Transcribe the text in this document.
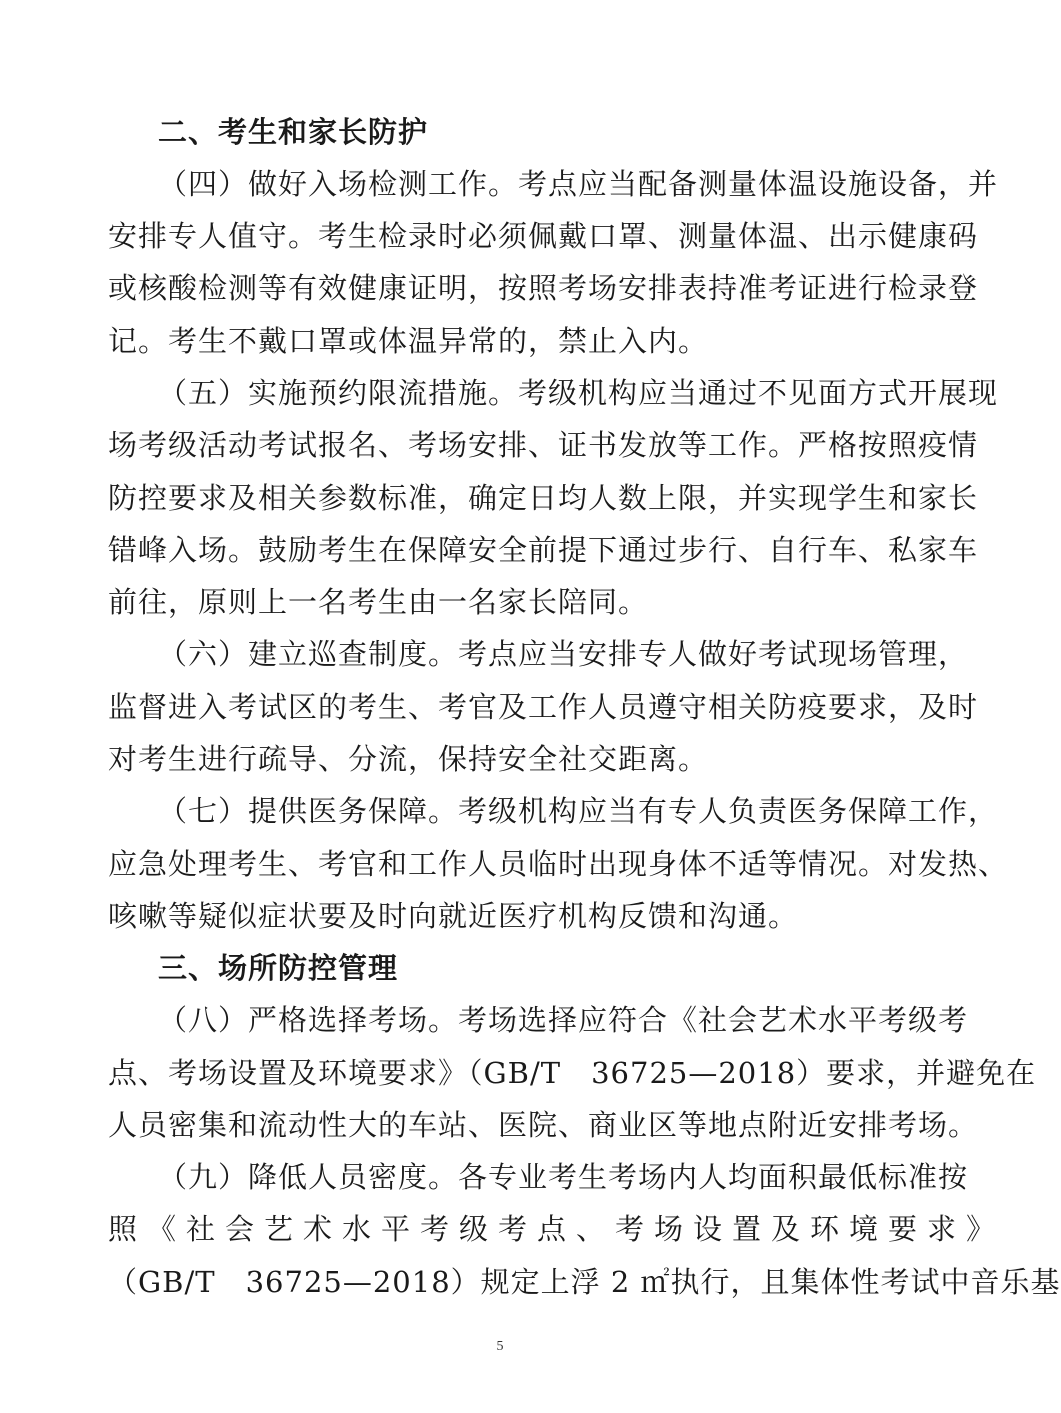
二、考生和家长防护
（四）做好入场检测工作。考点应当配备测量体温设施设备，并
安排专人值守。考生检录时必须佩戴口罩、测量体温、出示健康码
或核酸检测等有效健康证明，按照考场安排表持准考证进行检录登
记。考生不戴口罩或体温异常的，禁止入内。
（五）实施预约限流措施。考级机构应当通过不见面方式开展现
场考级活动考试报名、考场安排、证书发放等工作。严格按照疫情
防控要求及相关参数标准，确定日均人数上限，并实现学生和家长
错峰入场。鼓励考生在保障安全前提下通过步行、自行车、私家车
前往，原则上一名考生由一名家长陪同。
（六）建立巡查制度。考点应当安排专人做好考试现场管理，
监督进入考试区的考生、考官及工作人员遵守相关防疫要求，及时
对考生进行疏导、分流，保持安全社交距离。
（七）提供医务保障。考级机构应当有专人负责医务保障工作，
应急处理考生、考官和工作人员临时出现身体不适等情况。对发热、
咳嗽等疑似症状要及时向就近医疗机构反馈和沟通。
三、场所防控管理
（八）严格选择考场。考场选择应符合《社会艺术水平考级考
点、考场设置及环境要求》（GB/T　36725—2018）要求，并避免在
人员密集和流动性大的车站、医院、商业区等地点附近安排考场。
（九）降低人员密度。各专业考生考场内人均面积最低标准按
照《社会艺术水平考级考点、考场设置及环境要求》
（GB/T　36725—2018）规定上浮 2 ㎡执行，且集体性考试中音乐基
5
